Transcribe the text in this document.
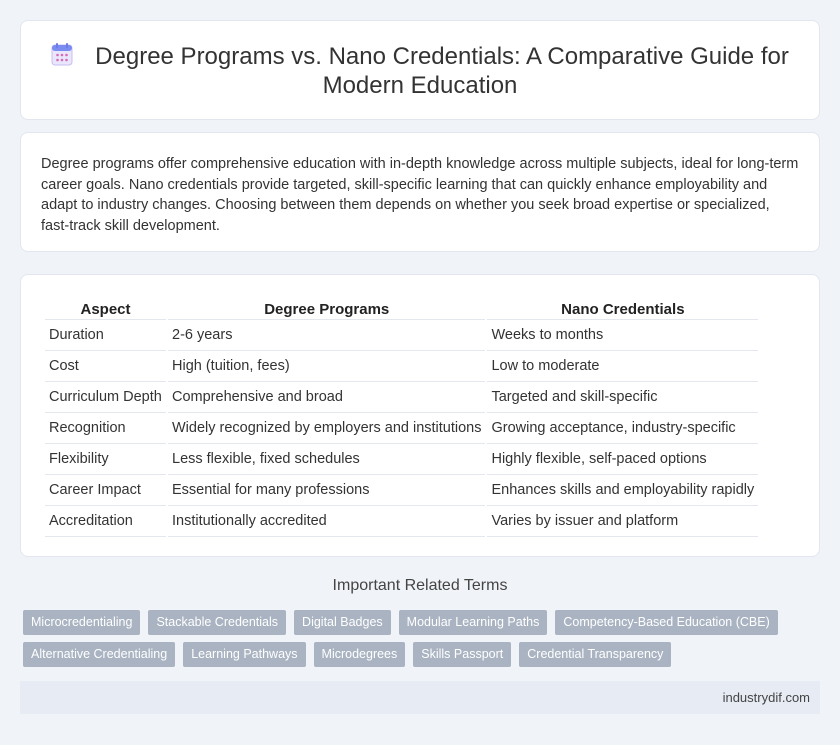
Degree Programs vs. Nano Credentials: A Comparative Guide for
Modern Education

Degree programs offer comprehensive education with in-depth knowledge across multiple subjects, ideal for long-term career goals. Nano credentials provide targeted, skill-specific learning that can quickly enhance employability and adapt to industry changes. Choosing between them depends on whether you seek broad expertise or specialized, fast-track skill development.

Aspect	Degree Programs	Nano Credentials
Duration	2-6 years	Weeks to months
Cost	High (tuition, fees)	Low to moderate
Curriculum Depth	Comprehensive and broad	Targeted and skill-specific
Recognition	Widely recognized by employers and institutions	Growing acceptance, industry-specific
Flexibility	Less flexible, fixed schedules	Highly flexible, self-paced options
Career Impact	Essential for many professions	Enhances skills and employability rapidly
Accreditation	Institutionally accredited	Varies by issuer and platform
Important Related Terms
Microcredentialing	Stackable Credentials	Digital Badges	Modular Learning Paths	Competency-Based Education (CBE)
Alternative Credentialing	Learning Pathways	Microdegrees	Skills Passport	Credential Transparency
industrydif.com
